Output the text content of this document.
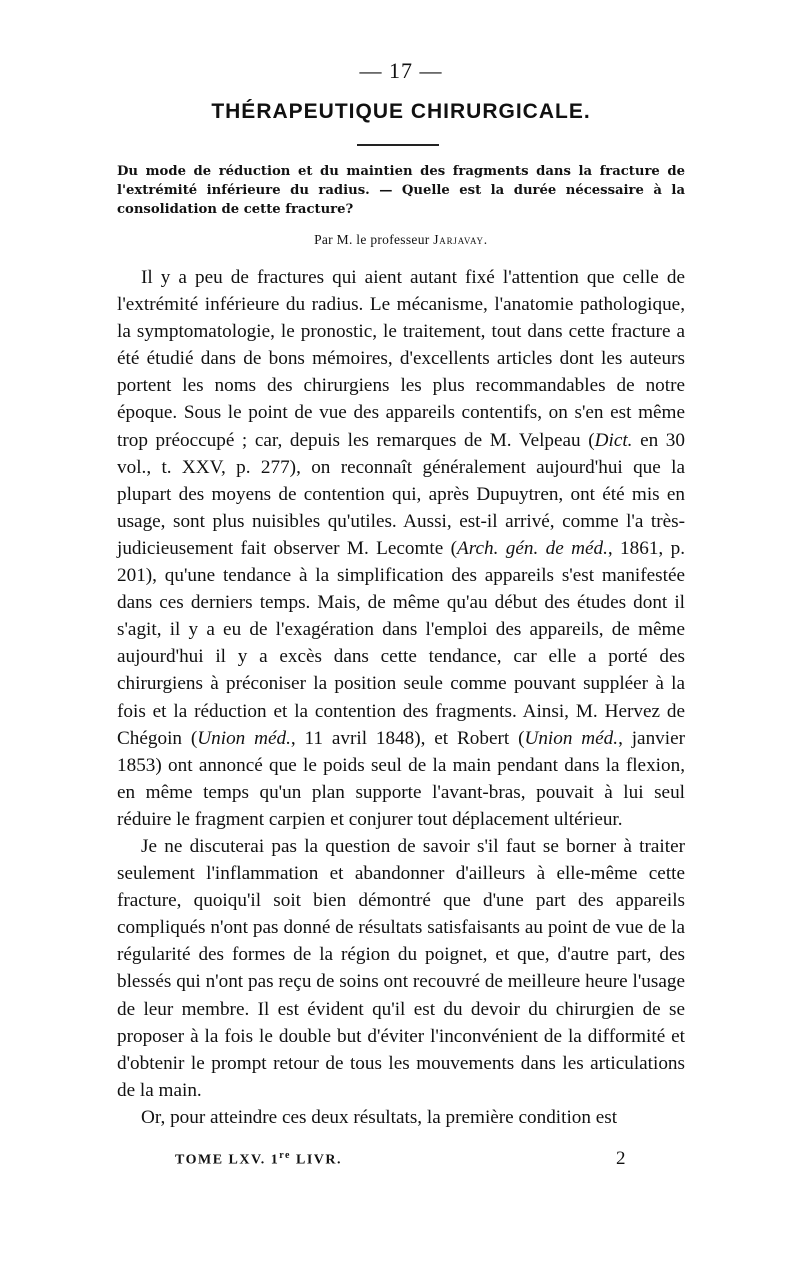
— 17 —
THÉRAPEUTIQUE CHIRURGICALE.

Du mode de réduction et du maintien des fragments dans la fracture de l'extrémité inférieure du radius. — Quelle est la durée nécessaire à la consolidation de cette fracture?

Par M. le professeur Jarjavay.

Il y a peu de fractures qui aient autant fixé l'attention que celle de l'extrémité inférieure du radius. Le mécanisme, l'anatomie pathologique, la symptomatologie, le pronostic, le traitement, tout dans cette fracture a été étudié dans de bons mémoires, d'excellents articles dont les auteurs portent les noms des chirurgiens les plus recommandables de notre époque. Sous le point de vue des appareils contentifs, on s'en est même trop préoccupé ; car, depuis les remarques de M. Velpeau (Dict. en 30 vol., t. XXV, p. 277), on reconnaît généralement aujourd'hui que la plupart des moyens de contention qui, après Dupuytren, ont été mis en usage, sont plus nuisibles qu'utiles. Aussi, est-il arrivé, comme l'a très-judicieusement fait observer M. Lecomte (Arch. gén. de méd., 1861, p. 201), qu'une tendance à la simplification des appareils s'est manifestée dans ces derniers temps. Mais, de même qu'au début des études dont il s'agit, il y a eu de l'exagération dans l'emploi des appareils, de même aujourd'hui il y a excès dans cette tendance, car elle a porté des chirurgiens à préconiser la position seule comme pouvant suppléer à la fois et la réduction et la contention des fragments. Ainsi, M. Hervez de Chégoin (Union méd., 11 avril 1848), et Robert (Union méd., janvier 1853) ont annoncé que le poids seul de la main pendant dans la flexion, en même temps qu'un plan supporte l'avant-bras, pouvait à lui seul réduire le fragment carpien et conjurer tout déplacement ultérieur.

Je ne discuterai pas la question de savoir s'il faut se borner à traiter seulement l'inflammation et abandonner d'ailleurs à elle-même cette fracture, quoiqu'il soit bien démontré que d'une part des appareils compliqués n'ont pas donné de résultats satisfaisants au point de vue de la régularité des formes de la région du poignet, et que, d'autre part, des blessés qui n'ont pas reçu de soins ont recouvré de meilleure heure l'usage de leur membre. Il est évident qu'il est du devoir du chirurgien de se proposer à la fois le double but d'éviter l'inconvénient de la difformité et d'obtenir le prompt retour de tous les mouvements dans les articulations de la main.

Or, pour atteindre ces deux résultats, la première condition est

TOME LXV. 1re LIVR.	2
